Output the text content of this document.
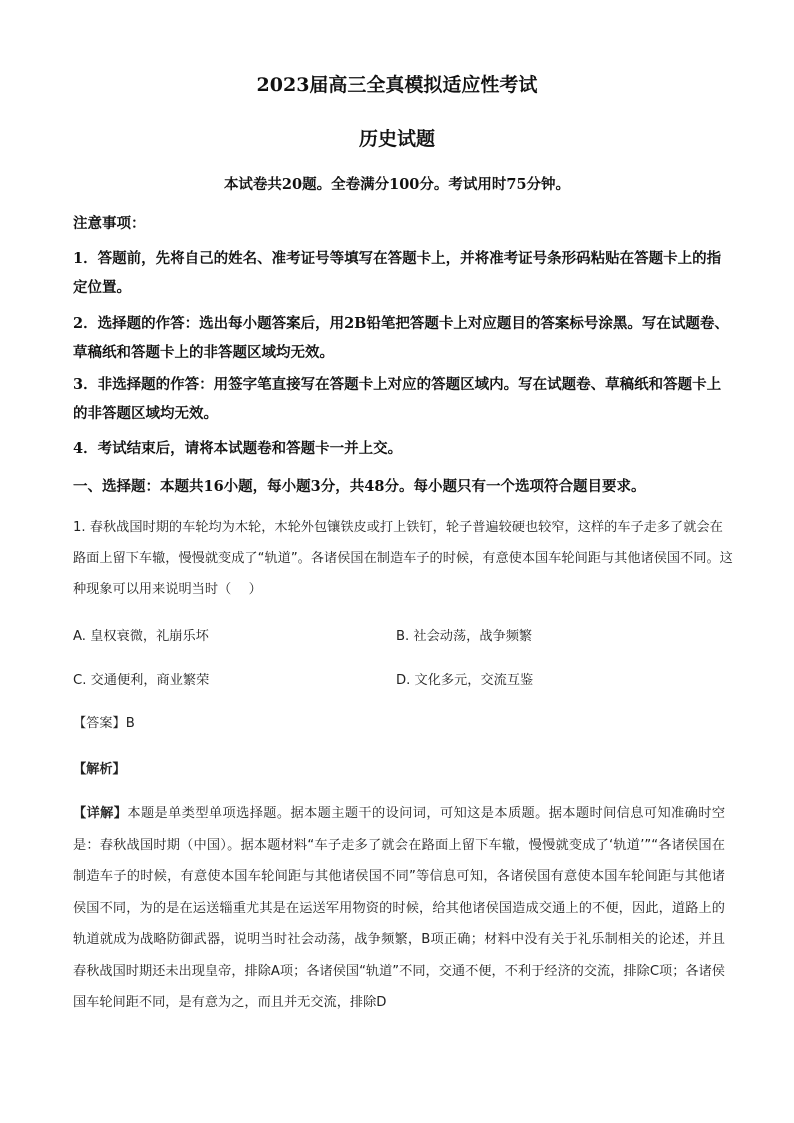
2023届高三全真模拟适应性考试
历史试题
本试卷共20题。全卷满分100分。考试用时75分钟。
注意事项：
1．答题前，先将自己的姓名、准考证号等填写在答题卡上，并将准考证号条形码粘贴在答题卡上的指定位置。
2．选择题的作答：选出每小题答案后，用2B铅笔把答题卡上对应题目的答案标号涂黑。写在试题卷、草稿纸和答题卡上的非答题区域均无效。
3．非选择题的作答：用签字笔直接写在答题卡上对应的答题区域内。写在试题卷、草稿纸和答题卡上的非答题区域均无效。
4．考试结束后，请将本试题卷和答题卡一并上交。
一、选择题：本题共16小题，每小题3分，共48分。每小题只有一个选项符合题目要求。
1. 春秋战国时期的车轮均为木轮，木轮外包镶铁皮或打上铁钉，轮子普遍较硬也较窄，这样的车子走多了就会在路面上留下车辙，慢慢就变成了“轨道”。各诸侯国在制造车子的时候，有意使本国车轮间距与其他诸侯国不同。这种现象可以用来说明当时（　 ）
A. 皇权衰微，礼崩乐坏	B. 社会动荡，战争频繁
C. 交通便利，商业繁荣	D. 文化多元，交流互鉴
【答案】B
【解析】
【详解】本题是单类型单项选择题。据本题主题干的设问词，可知这是本质题。据本题时间信息可知准确时空是：春秋战国时期（中国）。据本题材料“车子走多了就会在路面上留下车辙，慢慢就变成了‘轨道’”“各诸侯国在制造车子的时候，有意使本国车轮间距与其他诸侯国不同”等信息可知，各诸侯国有意使本国车轮间距与其他诸侯国不同，为的是在运送辎重尤其是在运送军用物资的时候，给其他诸侯国造成交通上的不便，因此，道路上的轨道就成为战略防御武器，说明当时社会动荡，战争频繁，B项正确；材料中没有关于礼乐制相关的论述，并且春秋战国时期还未出现皇帝，排除A项；各诸侯国“轨道”不同，交通不便，不利于经济的交流，排除C项；各诸侯国车轮间距不同，是有意为之，而且并无交流，排除D
